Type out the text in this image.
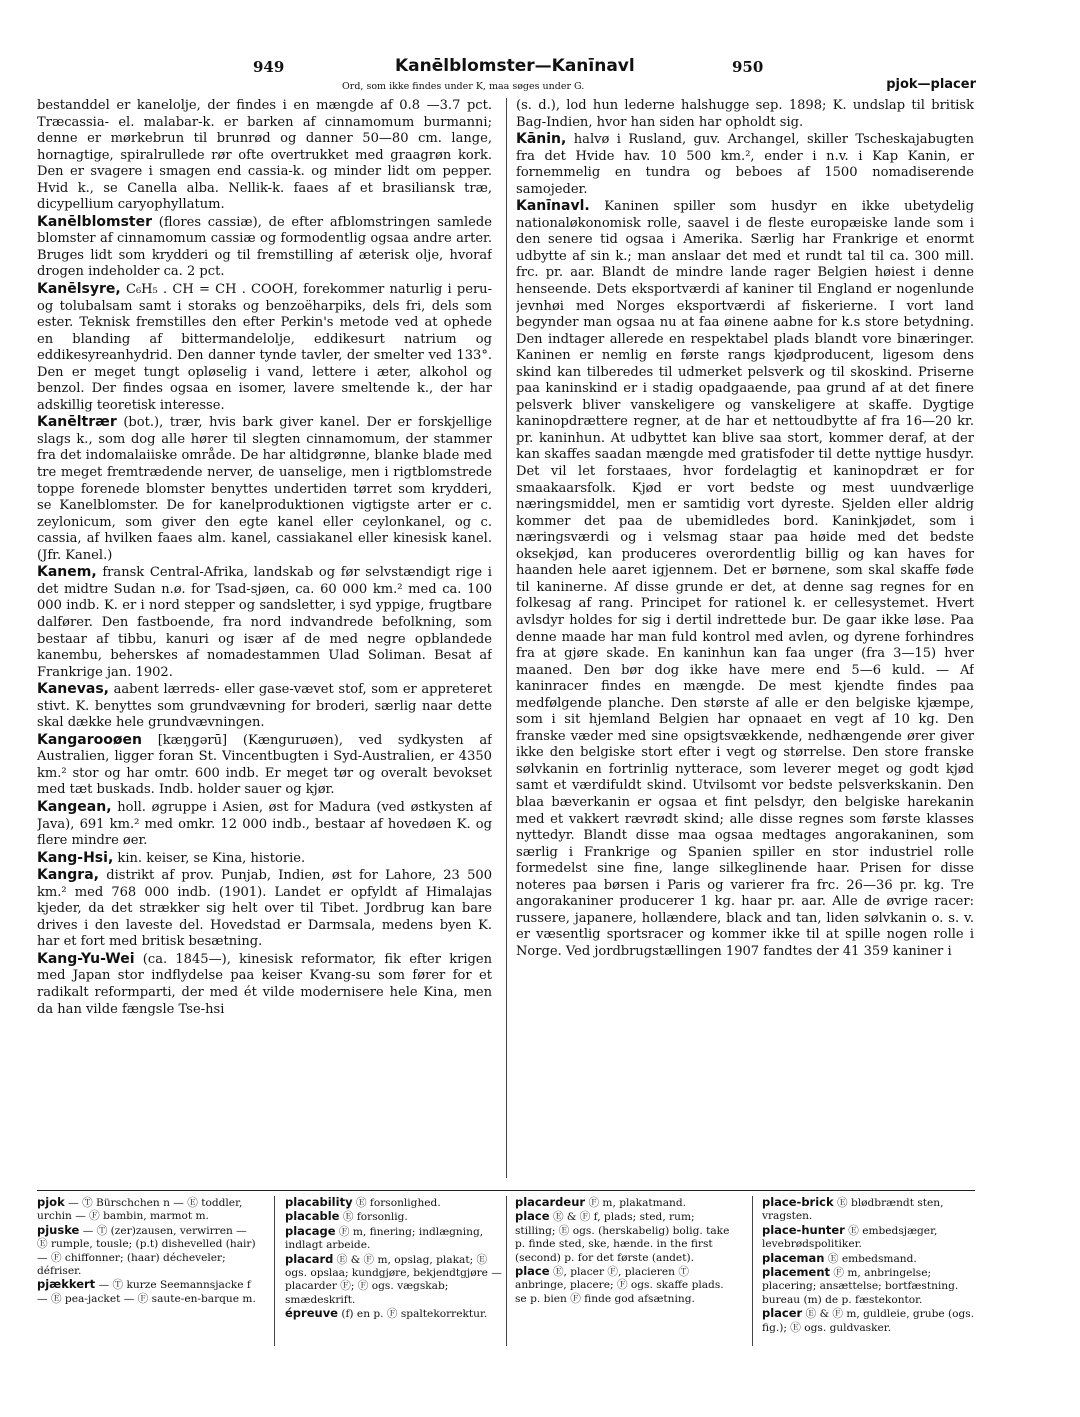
949	Kanēlblomster—Kanīnavl	950
Ord, som ikke findes under K, maa søges under G.	pjok—placer

bestanddel er kanelolje, der findes i en mængde af 0.8 —3.7 pct. Træcassia- el. malabar-k. er barken af cinnamomum burmanni; denne er mørkebrun til brunrød og danner 50—80 cm. lange, hornagtige, spiralrullede rør ofte overtrukket med graagrøn kork. Den er svagere i smagen end cassia-k. og minder lidt om pepper. Hvid k., se Canella alba. Nellik-k. faaes af et brasiliansk træ, dicypellium caryophyllatum.

Kanēlblomster (flores cassiæ), de efter afblomstringen samlede blomster af cinnamomum cassiæ og formodentlig ogsaa andre arter. Bruges lidt som krydderi og til fremstilling af æterisk olje, hvoraf drogen indeholder ca. 2 pct.

Kanēlsyre, C₆H₅ . CH = CH . COOH, forekommer naturlig i peru- og tolubalsam samt i storaks og benzoëharpiks, dels fri, dels som ester. Teknisk fremstilles den efter Perkin's metode ved at ophede en blanding af bittermandelolje, eddikesurt natrium og eddikesyreanhydrid. Den danner tynde tavler, der smelter ved 133°. Den er meget tungt opløselig i vand, lettere i æter, alkohol og benzol. Der findes ogsaa en isomer, lavere smeltende k., der har adskillig teoretisk interesse.

Kanēltrær (bot.), trær, hvis bark giver kanel. Der er forskjellige slags k., som dog alle hører til slegten cinnamomum, der stammer fra det indomalaiiske område. De har altidgrønne, blanke blade med tre meget fremtrædende nerver, de uanselige, men i rigtblomstrede toppe forenede blomster benyttes undertiden tørret som krydderi, se Kanelblomster. De for kanelproduktionen vigtigste arter er c. zeylonicum, som giver den egte kanel eller ceylonkanel, og c. cassia, af hvilken faaes alm. kanel, cassiakanel eller kinesisk kanel. (Jfr. Kanel.)

Kanem, fransk Central-Afrika, landskab og før selvstændigt rige i det midtre Sudan n.ø. for Tsad-sjøen, ca. 60 000 km.² med ca. 100 000 indb. K. er i nord stepper og sandsletter, i syd yppige, frugtbare dalfører. Den fastboende, fra nord indvandrede befolkning, som bestaar af tibbu, kanuri og især af de med negre opblandede kanembu, beherskes af nomadestammen Ulad Soliman. Besat af Frankrige jan. 1902.

Kanevas, aabent lærreds- eller gase-vævet stof, som er appreteret stivt. K. benyttes som grundvævning for broderi, særlig naar dette skal dække hele grundvævningen.

Kangarooøen [kæŋgərū] (Kænguruøen), ved sydkysten af Australien, ligger foran St. Vincentbugten i Syd-Australien, er 4350 km.² stor og har omtr. 600 indb. Er meget tør og overalt bevokset med tæt buskads. Indb. holder sauer og kjør.

Kangean, holl. øgruppe i Asien, øst for Madura (ved østkysten af Java), 691 km.² med omkr. 12 000 indb., bestaar af hovedøen K. og flere mindre øer.

Kang-Hsi, kin. keiser, se Kina, historie.

Kangra, distrikt af prov. Punjab, Indien, øst for Lahore, 23 500 km.² med 768 000 indb. (1901). Landet er opfyldt af Himalajas kjeder, da det strækker sig helt over til Tibet. Jordbrug kan bare drives i den laveste del. Hovedstad er Darmsala, medens byen K. har et fort med britisk besætning.

Kang-Yu-Wei (ca. 1845—), kinesisk reformator, fik efter krigen med Japan stor indflydelse paa keiser Kvang-su som fører for et radikalt reformparti, der med ét vilde modernisere hele Kina, men da han vilde fængsle Tse-hsi

(s. d.), lod hun lederne halshugge sep. 1898; K. undslap til britisk Bag-Indien, hvor han siden har opholdt sig.

Kānin, halvø i Rusland, guv. Archangel, skiller Tscheskajabugten fra det Hvide hav. 10 500 km.², ender i n.v. i Kap Kanin, er fornemmelig en tundra og beboes af 1500 nomadiserende samojeder.

Kanīnavl. Kaninen spiller som husdyr en ikke ubetydelig nationaløkonomisk rolle, saavel i de fleste europæiske lande som i den senere tid ogsaa i Amerika. Særlig har Frankrige et enormt udbytte af sin k.; man anslaar det med et rundt tal til ca. 300 mill. frc. pr. aar. Blandt de mindre lande rager Belgien høiest i denne henseende. Dets eksportværdi af kaniner til England er nogenlunde jevnhøi med Norges eksportværdi af fiskerierne. I vort land begynder man ogsaa nu at faa øinene aabne for k.s store betydning. Den indtager allerede en respektabel plads blandt vore binæringer. Kaninen er nemlig en første rangs kjødproducent, ligesom dens skind kan tilberedes til udmerket pelsverk og til skoskind. Priserne paa kaninskind er i stadig opadgaaende, paa grund af at det finere pelsverk bliver vanskeligere og vanskeligere at skaffe. Dygtige kaninopdrættere regner, at de har et nettoudbytte af fra 16—20 kr. pr. kaninhun. At udbyttet kan blive saa stort, kommer deraf, at der kan skaffes saadan mængde med gratisfoder til dette nyttige husdyr. Det vil let forstaaes, hvor fordelagtig et kaninopdræt er for smaakaarsfolk. Kjød er vort bedste og mest uundværlige næringsmiddel, men er samtidig vort dyreste. Sjelden eller aldrig kommer det paa de ubemidledes bord. Kaninkjødet, som i næringsværdi og i velsmag staar paa høide med det bedste oksekjød, kan produceres overordentlig billig og kan haves for haanden hele aaret igjennem. Det er børnene, som skal skaffe føde til kaninerne. Af disse grunde er det, at denne sag regnes for en folkesag af rang. Principet for rationel k. er cellesystemet. Hvert avlsdyr holdes for sig i dertil indrettede bur. De gaar ikke løse. Paa denne maade har man fuld kontrol med avlen, og dyrene forhindres fra at gjøre skade. En kaninhun kan faa unger (fra 3—15) hver maaned. Den bør dog ikke have mere end 5—6 kuld. — Af kaninracer findes en mængde. De mest kjendte findes paa medfølgende planche. Den største af alle er den belgiske kjæmpe, som i sit hjemland Belgien har opnaaet en vegt af 10 kg. Den franske væder med sine opsigtsvækkende, nedhængende ører giver ikke den belgiske stort efter i vegt og størrelse. Den store franske sølvkanin en fortrinlig nytterace, som leverer meget og godt kjød samt et værdifuldt skind. Utvilsomt vor bedste pelsverkskanin. Den blaa bæverkanin er ogsaa et fint pelsdyr, den belgiske harekanin med et vakkert rævrødt skind; alle disse regnes som første klasses nyttedyr. Blandt disse maa ogsaa medtages angorakaninen, som særlig i Frankrige og Spanien spiller en stor industriel rolle formedelst sine fine, lange silkeglinende haar. Prisen for disse noteres paa børsen i Paris og varierer fra frc. 26—36 pr. kg. Tre angorakaniner producerer 1 kg. haar pr. aar. Alle de øvrige racer: russere, japanere, hollændere, black and tan, liden sølvkanin o. s. v. er væsentlig sportsracer og kommer ikke til at spille nogen rolle i Norge. Ved jordbrugstællingen 1907 fandtes der 41 359 kaniner i

pjok — Ⓣ Bürschchen n — Ⓔ toddler, urchin — Ⓕ bambin, marmot m.

pjuske — Ⓣ (zer)zausen, verwirren — Ⓔ rumple, tousle; (p.t) dishevelled (hair) — Ⓕ chiffonner; (haar) décheveler; défriser.

pjækkert — Ⓣ kurze Seemannsjacke f — Ⓔ pea-jacket — Ⓕ saute-en-barque m.

placability Ⓔ forsonlighed.

placable Ⓔ forsonlig.

placage Ⓕ m, finering; indlægning, indlagt arbeide.

placard Ⓔ & Ⓕ m, opslag, plakat; Ⓔ ogs. opslaa; kundgjøre, bekjendtgjøre — placarder Ⓕ; Ⓕ ogs. vægskab; smædeskrift.

épreuve (f) en p. Ⓕ spaltekorrektur.

placardeur Ⓕ m, plakatmand.

place Ⓔ & Ⓕ f, plads; sted, rum; stilling; Ⓔ ogs. (herskabelig) bolig. take p. finde sted, ske, hænde. in the first (second) p. for det første (andet).

place Ⓔ, placer Ⓕ, placieren Ⓣ anbringe, placere; Ⓕ ogs. skaffe plads. se p. bien Ⓕ finde god afsætning.

place-brick Ⓔ blødbrændt sten, vragsten.

place-hunter Ⓔ embedsjæger, levebrødspolitiker.

placeman Ⓔ embedsmand.

placement Ⓕ m, anbringelse; placering; ansættelse; bortfæstning. bureau (m) de p. fæstekontor.

placer Ⓔ & Ⓕ m, guldleie, grube (ogs. fig.); Ⓔ ogs. guldvasker.
